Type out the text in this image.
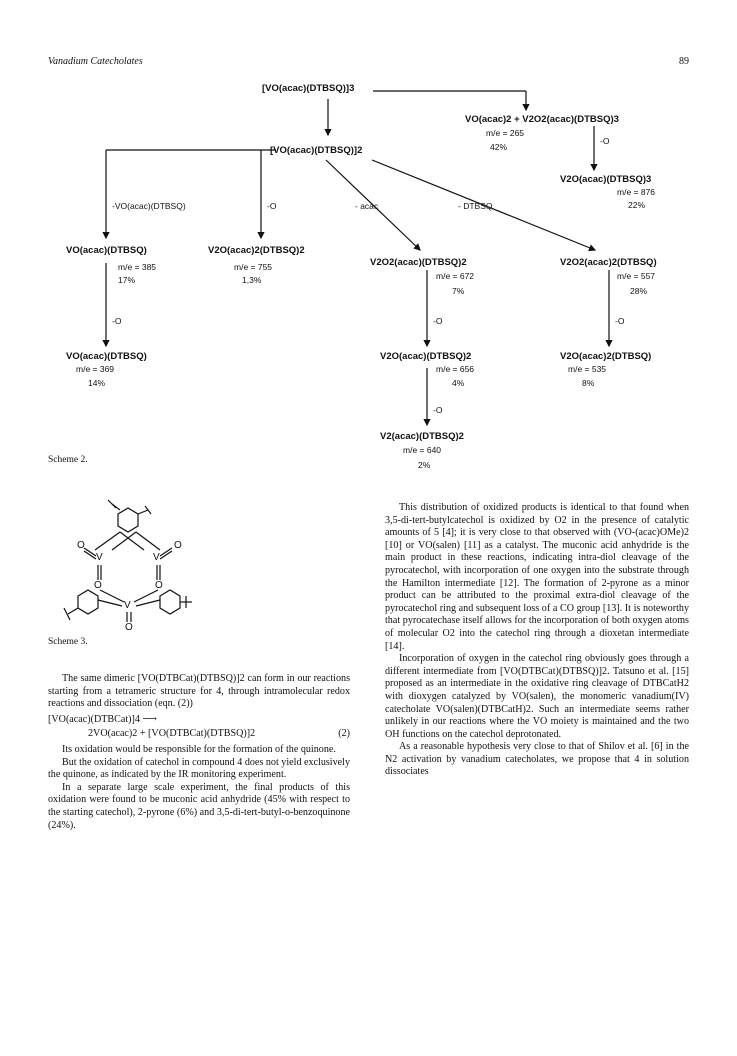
Vanadium Catecholates	89
[VO(acac)(DTBSQ)]3
VO(acac)2 + V2O2(acac)(DTBSQ)3
m/e = 265
42%
-O
[VO(acac)(DTBSQ)]2
V2O(acac)(DTBSQ)3
m/e = 876
22%
-VO(acac)(DTBSQ)	-O	- acac	- DTBSQ
VO(acac)(DTBSQ)
m/e = 385
17%
V2O(acac)2(DTBSQ)2
m/e = 755
1,3%
V2O2(acac)(DTBSQ)2
m/e = 672
7%
V2O2(acac)2(DTBSQ)
m/e = 557
28%
-O	-O	-O
VO(acac)(DTBSQ)
m/e = 369
14%
V2O(acac)(DTBSQ)2
m/e = 656
4%
V2O(acac)2(DTBSQ)
m/e = 535
8%
-O
V2(acac)(DTBSQ)2
m/e = 640
2%
Scheme 2.
O	O
V	V
O	O
V
O
Scheme 3.

The same dimeric [VO(DTBCat)(DTBSQ)]2 can form in our reactions starting from a tetrameric structure for 4, through intramolecular redox reactions and dissociation (eqn. (2))

[VO(acac)(DTBCat)]4 ⟶
2VO(acac)2 + [VO(DTBCat)(DTBSQ)]2	(2)

Its oxidation would be responsible for the formation of the quinone.

But the oxidation of catechol in compound 4 does not yield exclusively the quinone, as indicated by the IR monitoring experiment.

In a separate large scale experiment, the final products of this oxidation were found to be muconic acid anhydride (45% with respect to the starting catechol), 2-pyrone (6%) and 3,5-di-tert-butyl-o-benzoquinone (24%).

This distribution of oxidized products is identical to that found when 3,5-di-tert-butylcatechol is oxidized by O2 in the presence of catalytic amounts of 5 [4]; it is very close to that observed with (VO-(acac)OMe)2 [10] or VO(salen) [11] as a catalyst. The muconic acid anhydride is the main product in these reactions, indicating intra-diol cleavage of the pyrocatechol, with incorporation of one oxygen into the substrate through the Hamilton intermediate [12]. The formation of 2-pyrone as a minor product can be attributed to the proximal extra-diol cleavage of the pyrocatechol ring and subsequent loss of a CO group [13]. It is noteworthy that pyrocatechase itself allows for the incorporation of both oxygen atoms of molecular O2 into the catechol ring through a dioxetan intermediate [14].

Incorporation of oxygen in the catechol ring obviously goes through a different intermediate from [VO(DTBCat)(DTBSQ)]2. Tatsuno et al. [15] proposed as an intermediate in the oxidative ring cleavage of DTBCatH2 with dioxygen catalyzed by VO(salen), the monomeric vanadium(IV) catecholate VO(salen)(DTBCatH)2. Such an intermediate seems rather unlikely in our reactions where the VO moiety is maintained and the two OH functions on the catechol deprotonated.

As a reasonable hypothesis very close to that of Shilov et al. [6] in the N2 activation by vanadium catecholates, we propose that 4 in solution dissociates
